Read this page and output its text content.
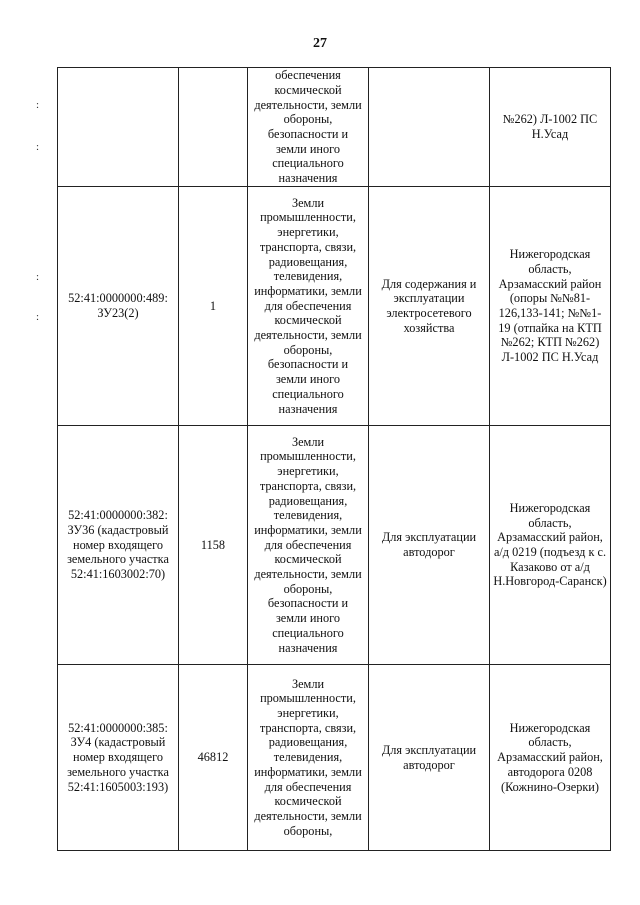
27
:
:
:
:
		обеспечения космической деятельности, земли обороны, безопасности и земли иного специального назначения		№262) Л-1002 ПС Н.Усад
52:41:0000000:489: ЗУ23(2)	1	Земли промышленности, энергетики, транспорта, связи, радиовещания, телевидения, информатики, земли для обеспечения космической деятельности, земли обороны, безопасности и земли иного специального назначения	Для содержания и эксплуатации электросетевого хозяйства	Нижегородская область, Арзамасский район (опоры №№81-126,133-141; №№1-19 (отпайка на КТП №262; КТП №262) Л-1002 ПС Н.Усад
52:41:0000000:382: ЗУ36 (кадастровый номер входящего земельного участка 52:41:1603002:70)	1158	Земли промышленности, энергетики, транспорта, связи, радиовещания, телевидения, информатики, земли для обеспечения космической деятельности, земли обороны, безопасности и земли иного специального назначения	Для эксплуатации автодорог	Нижегородская область, Арзамасский район, а/д 0219 (подъезд к с. Казаково от а/д Н.Новгород-Саранск)
52:41:0000000:385: ЗУ4 (кадастровый номер входящего земельного участка 52:41:1605003:193)	46812	Земли промышленности, энергетики, транспорта, связи, радиовещания, телевидения, информатики, земли для обеспечения космической деятельности, земли обороны,	Для эксплуатации автодорог	Нижегородская область, Арзамасский район, автодорога 0208 (Кожнино-Озерки)
